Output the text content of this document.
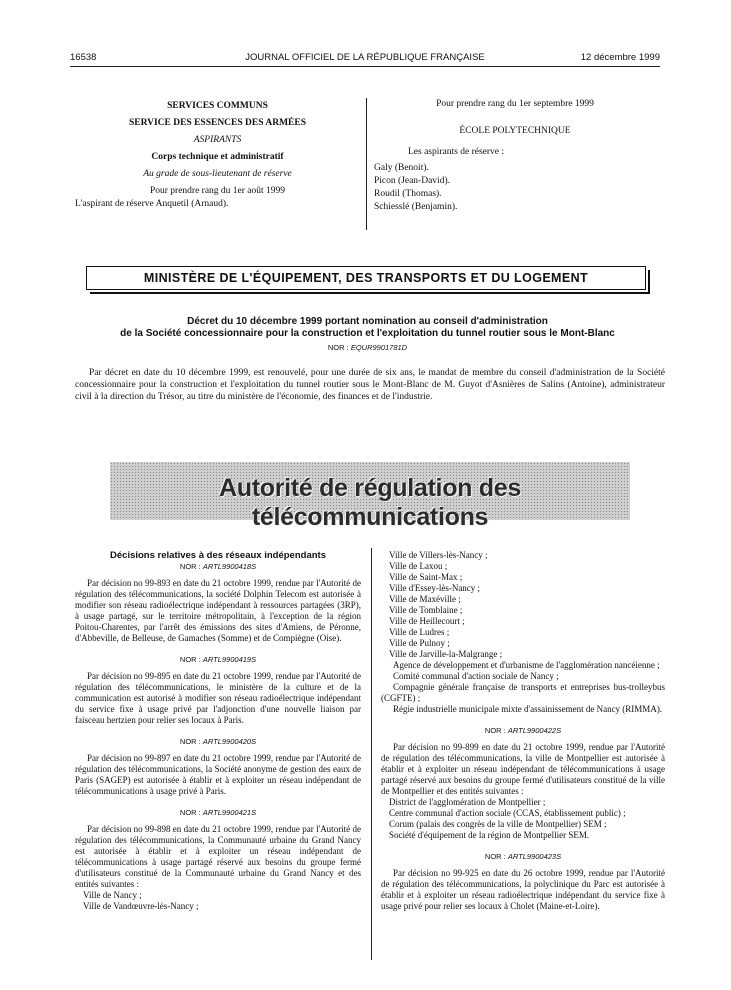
16538	JOURNAL OFFICIEL DE LA RÉPUBLIQUE FRANÇAISE	12 décembre 1999
SERVICES COMMUNS
SERVICE DES ESSENCES DES ARMÉES
ASPIRANTS
Corps technique et administratif
Au grade de sous-lieutenant de réserve
Pour prendre rang du 1er août 1999
L'aspirant de réserve Anquetil (Arnaud).
Pour prendre rang du 1er septembre 1999
ÉCOLE POLYTECHNIQUE
Les aspirants de réserve :
Galy (Benoit).
Picon (Jean-David).
Roudil (Thomas).
Schiesslé (Benjamin).
MINISTÈRE DE L'ÉQUIPEMENT, DES TRANSPORTS ET DU LOGEMENT
Décret du 10 décembre 1999 portant nomination au conseil d'administration
de la Société concessionnaire pour la construction et l'exploitation du tunnel routier sous le Mont-Blanc
NOR : EQUR9901781D
Par décret en date du 10 décembre 1999, est renouvelé, pour une durée de six ans, le mandat de membre du conseil d'administration de la Société concessionnaire pour la construction et l'exploitation du tunnel routier sous le Mont-Blanc de M. Guyot d'Asnières de Salins (Antoine), administrateur civil à la direction du Trésor, au titre du ministère de l'économie, des finances et de l'industrie.
Autorité de régulation des télécommunications
Décisions relatives à des réseaux indépendants
NOR : ARTL9900418S

Par décision no 99-893 en date du 21 octobre 1999, rendue par l'Autorité de régulation des télécommunications, la société Dolphin Telecom est autorisée à modifier son réseau radioélectrique indépendant à ressources partagées (3RP), à usage partagé, sur le territoire métropolitain, à l'exception de la région Poitou-Charentes, par l'arrêt des émissions des sites d'Amiens, de Péronne, d'Abbeville, de Belleuse, de Gamaches (Somme) et de Compiègne (Oise).

NOR : ARTL9900419S

Par décision no 99-895 en date du 21 octobre 1999, rendue par l'Autorité de régulation des télécommunications, le ministère de la culture et de la communication est autorisé à modifier son réseau radioélectrique indépendant du service fixe à usage privé par l'adjonction d'une nouvelle liaison par faisceau hertzien pour relier ses locaux à Paris.

NOR : ARTL9900420S

Par décision no 99-897 en date du 21 octobre 1999, rendue par l'Autorité de régulation des télécommunications, la Société anonyme de gestion des eaux de Paris (SAGEP) est autorisée à établir et à exploiter un réseau indépendant de télécommunications à usage privé à Paris.

NOR : ARTL9900421S

Par décision no 99-898 en date du 21 octobre 1999, rendue par l'Autorité de régulation des télécommunications, la Communauté urbaine du Grand Nancy est autorisée à établir et à exploiter un réseau indépendant de télécommunications à usage partagé réservé aux besoins du groupe fermé d'utilisateurs constitué de la Communauté urbaine du Grand Nancy et des entités suivantes :

Ville de Nancy ;

Ville de Vandœuvre-lès-Nancy ;

Ville de Villers-lès-Nancy ;

Ville de Laxou ;

Ville de Saint-Max ;

Ville d'Essey-lès-Nancy ;

Ville de Maxéville ;

Ville de Tomblaine ;

Ville de Heillecourt ;

Ville de Ludres ;

Ville de Pulnoy ;

Ville de Jarville-la-Malgrange ;

Agence de développement et d'urbanisme de l'agglomération nancéienne ;

Comité communal d'action sociale de Nancy ;

Compagnie générale française de transports et entreprises bus-trolleybus (CGFTE) ;

Régie industrielle municipale mixte d'assainissement de Nancy (RIMMA).

NOR : ARTL9900422S

Par décision no 99-899 en date du 21 octobre 1999, rendue par l'Autorité de régulation des télécommunications, la ville de Montpellier est autorisée à établir et à exploiter un réseau indépendant de télécommunications à usage partagé réservé aux besoins du groupe fermé d'utilisateurs constitué de la ville de Montpellier et des entités suivantes :

District de l'agglomération de Montpellier ;

Centre communal d'action sociale (CCAS, établissement public) ;

Corum (palais des congrès de la ville de Montpellier) SEM ;

Société d'équipement de la région de Montpellier SEM.

NOR : ARTL9900423S

Par décision no 99-925 en date du 26 octobre 1999, rendue par l'Autorité de régulation des télécommunications, la polyclinique du Parc est autorisée à établir et à exploiter un réseau radioélectrique indépendant du service fixe à usage privé pour relier ses locaux à Cholet (Maine-et-Loire).
